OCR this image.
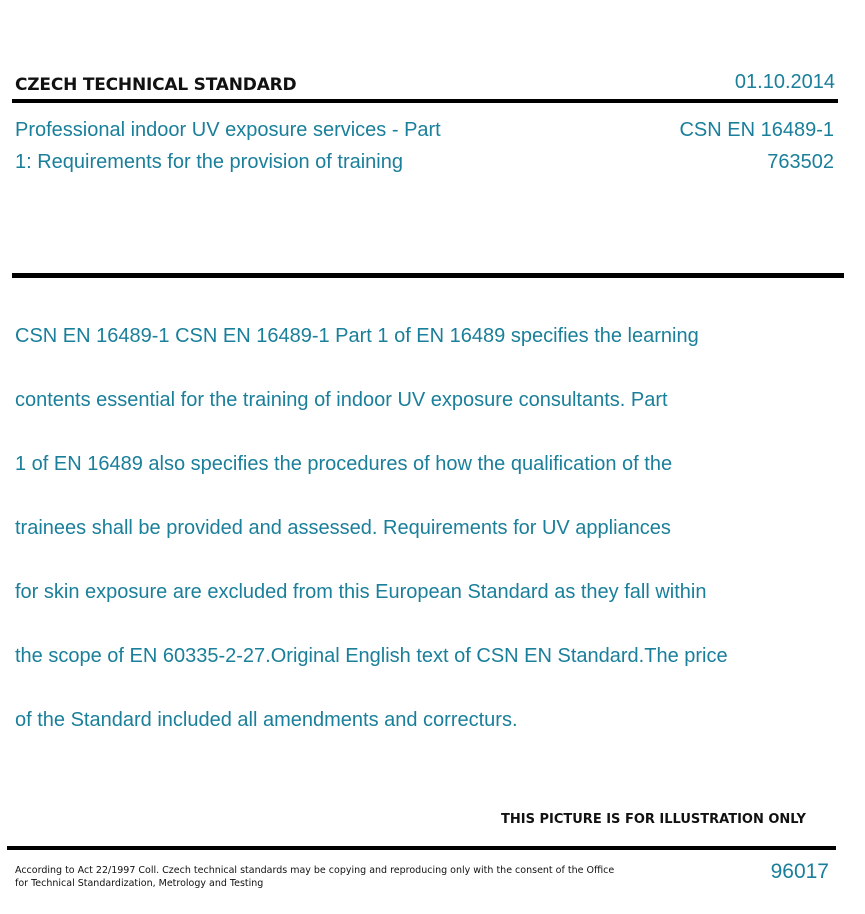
CZECH TECHNICAL STANDARD	01.10.2014
Professional indoor UV exposure services - Part
1: Requirements for the provision of training
CSN EN 16489-1
763502

CSN EN 16489-1 CSN EN 16489-1 Part 1 of EN 16489 specifies the learning

contents essential for the training of indoor UV exposure consultants. Part

1 of EN 16489 also specifies the procedures of how the qualification of the

trainees shall be provided and assessed. Requirements for UV appliances

for skin exposure are excluded from this European Standard as they fall within

the scope of EN 60335-2-27.Original English text of CSN EN Standard.The price

of the Standard included all amendments and correcturs.

THIS PICTURE IS FOR ILLUSTRATION ONLY
According to Act 22/1997 Coll. Czech technical standards may be copying and reproducing only with the consent of the Office
for Technical Standardization, Metrology and Testing
96017
